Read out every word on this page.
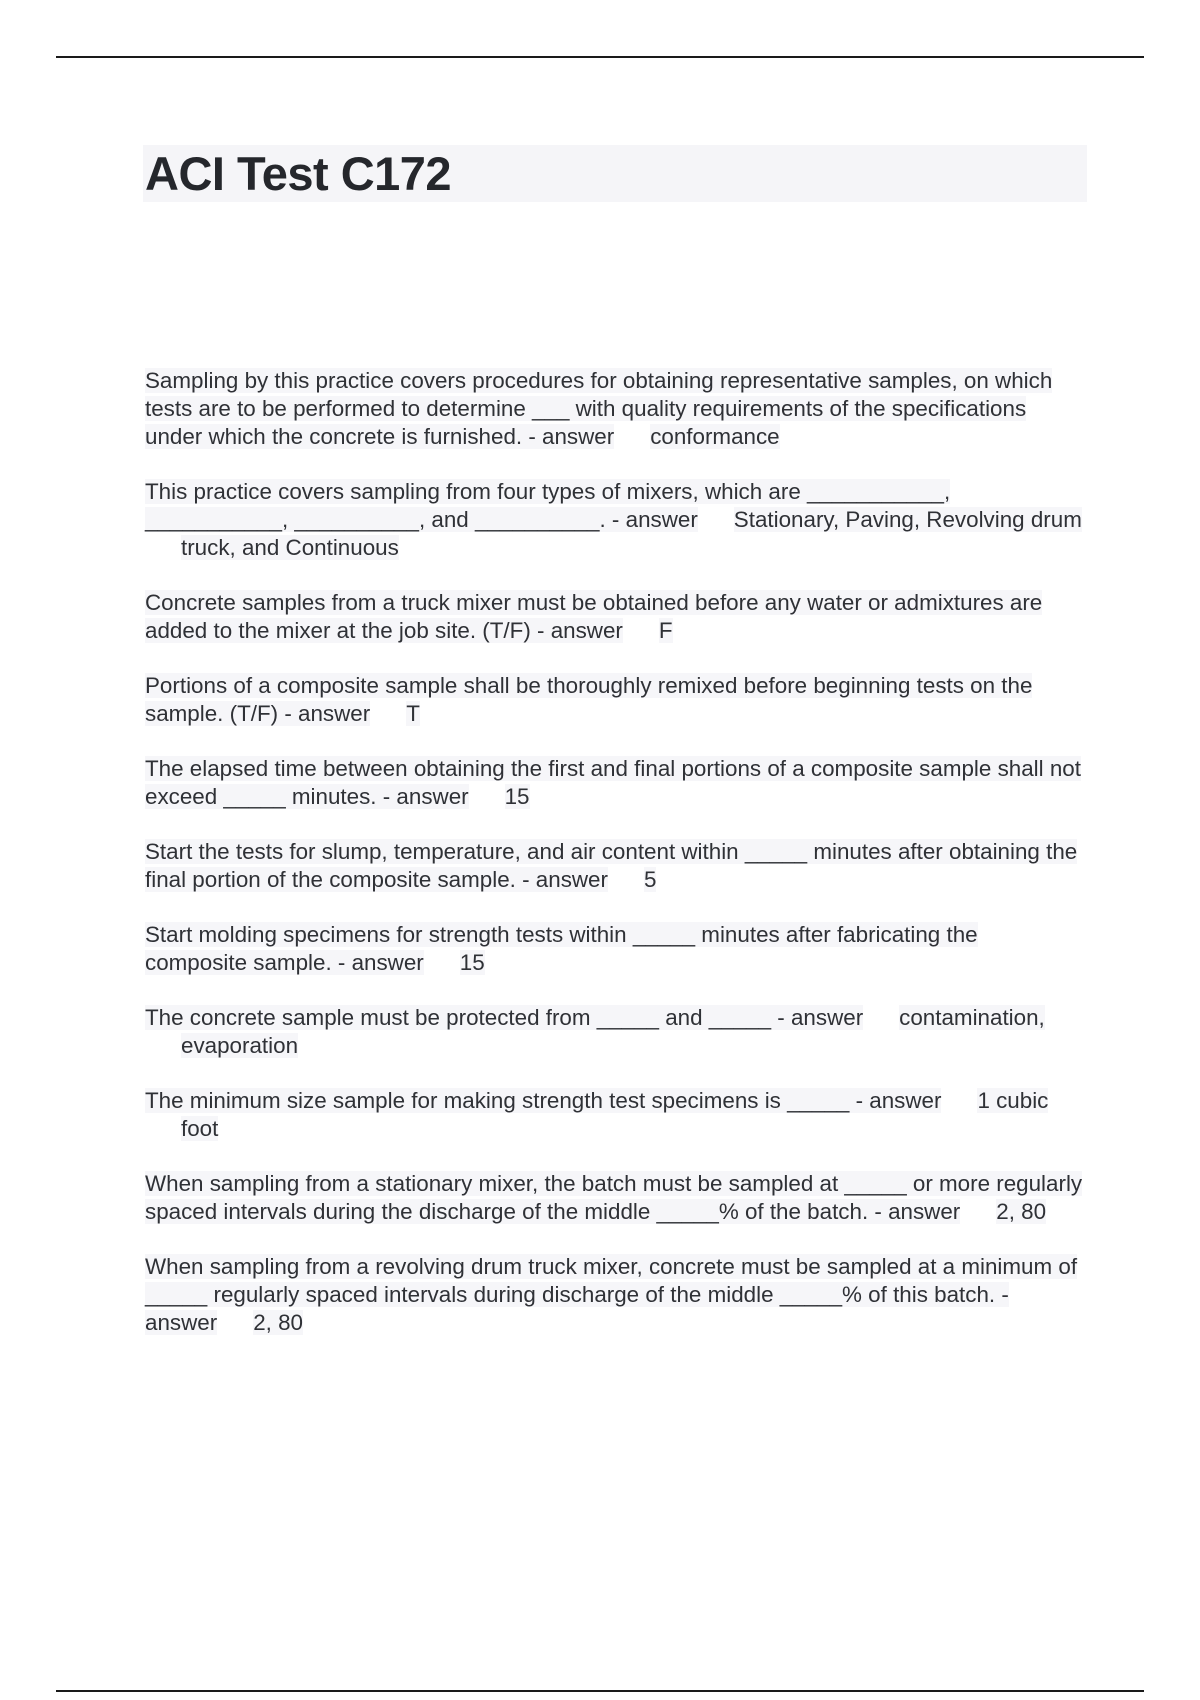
ACI Test C172

Sampling by this practice covers procedures for obtaining representative samples, on which tests are to be performed to determine ___ with quality requirements of the specifications under which the concrete is furnished. - answer conformance

This practice covers sampling from four types of mixers, which are ___________, ___________, __________, and __________. - answer Stationary, Paving, Revolving drum truck, and Continuous

Concrete samples from a truck mixer must be obtained before any water or admixtures are added to the mixer at the job site. (T/F) - answer F

Portions of a composite sample shall be thoroughly remixed before beginning tests on the sample. (T/F) - answer T

The elapsed time between obtaining the first and final portions of a composite sample shall not exceed _____ minutes. - answer 15

Start the tests for slump, temperature, and air content within _____ minutes after obtaining the final portion of the composite sample. - answer 5

Start molding specimens for strength tests within _____ minutes after fabricating the composite sample. - answer 15

The concrete sample must be protected from _____ and _____ - answer contamination, evaporation

The minimum size sample for making strength test specimens is _____ - answer 1 cubic foot

When sampling from a stationary mixer, the batch must be sampled at _____ or more regularly spaced intervals during the discharge of the middle _____% of the batch. - answer 2, 80

When sampling from a revolving drum truck mixer, concrete must be sampled at a minimum of _____ regularly spaced intervals during discharge of the middle _____% of this batch. - answer 2, 80
